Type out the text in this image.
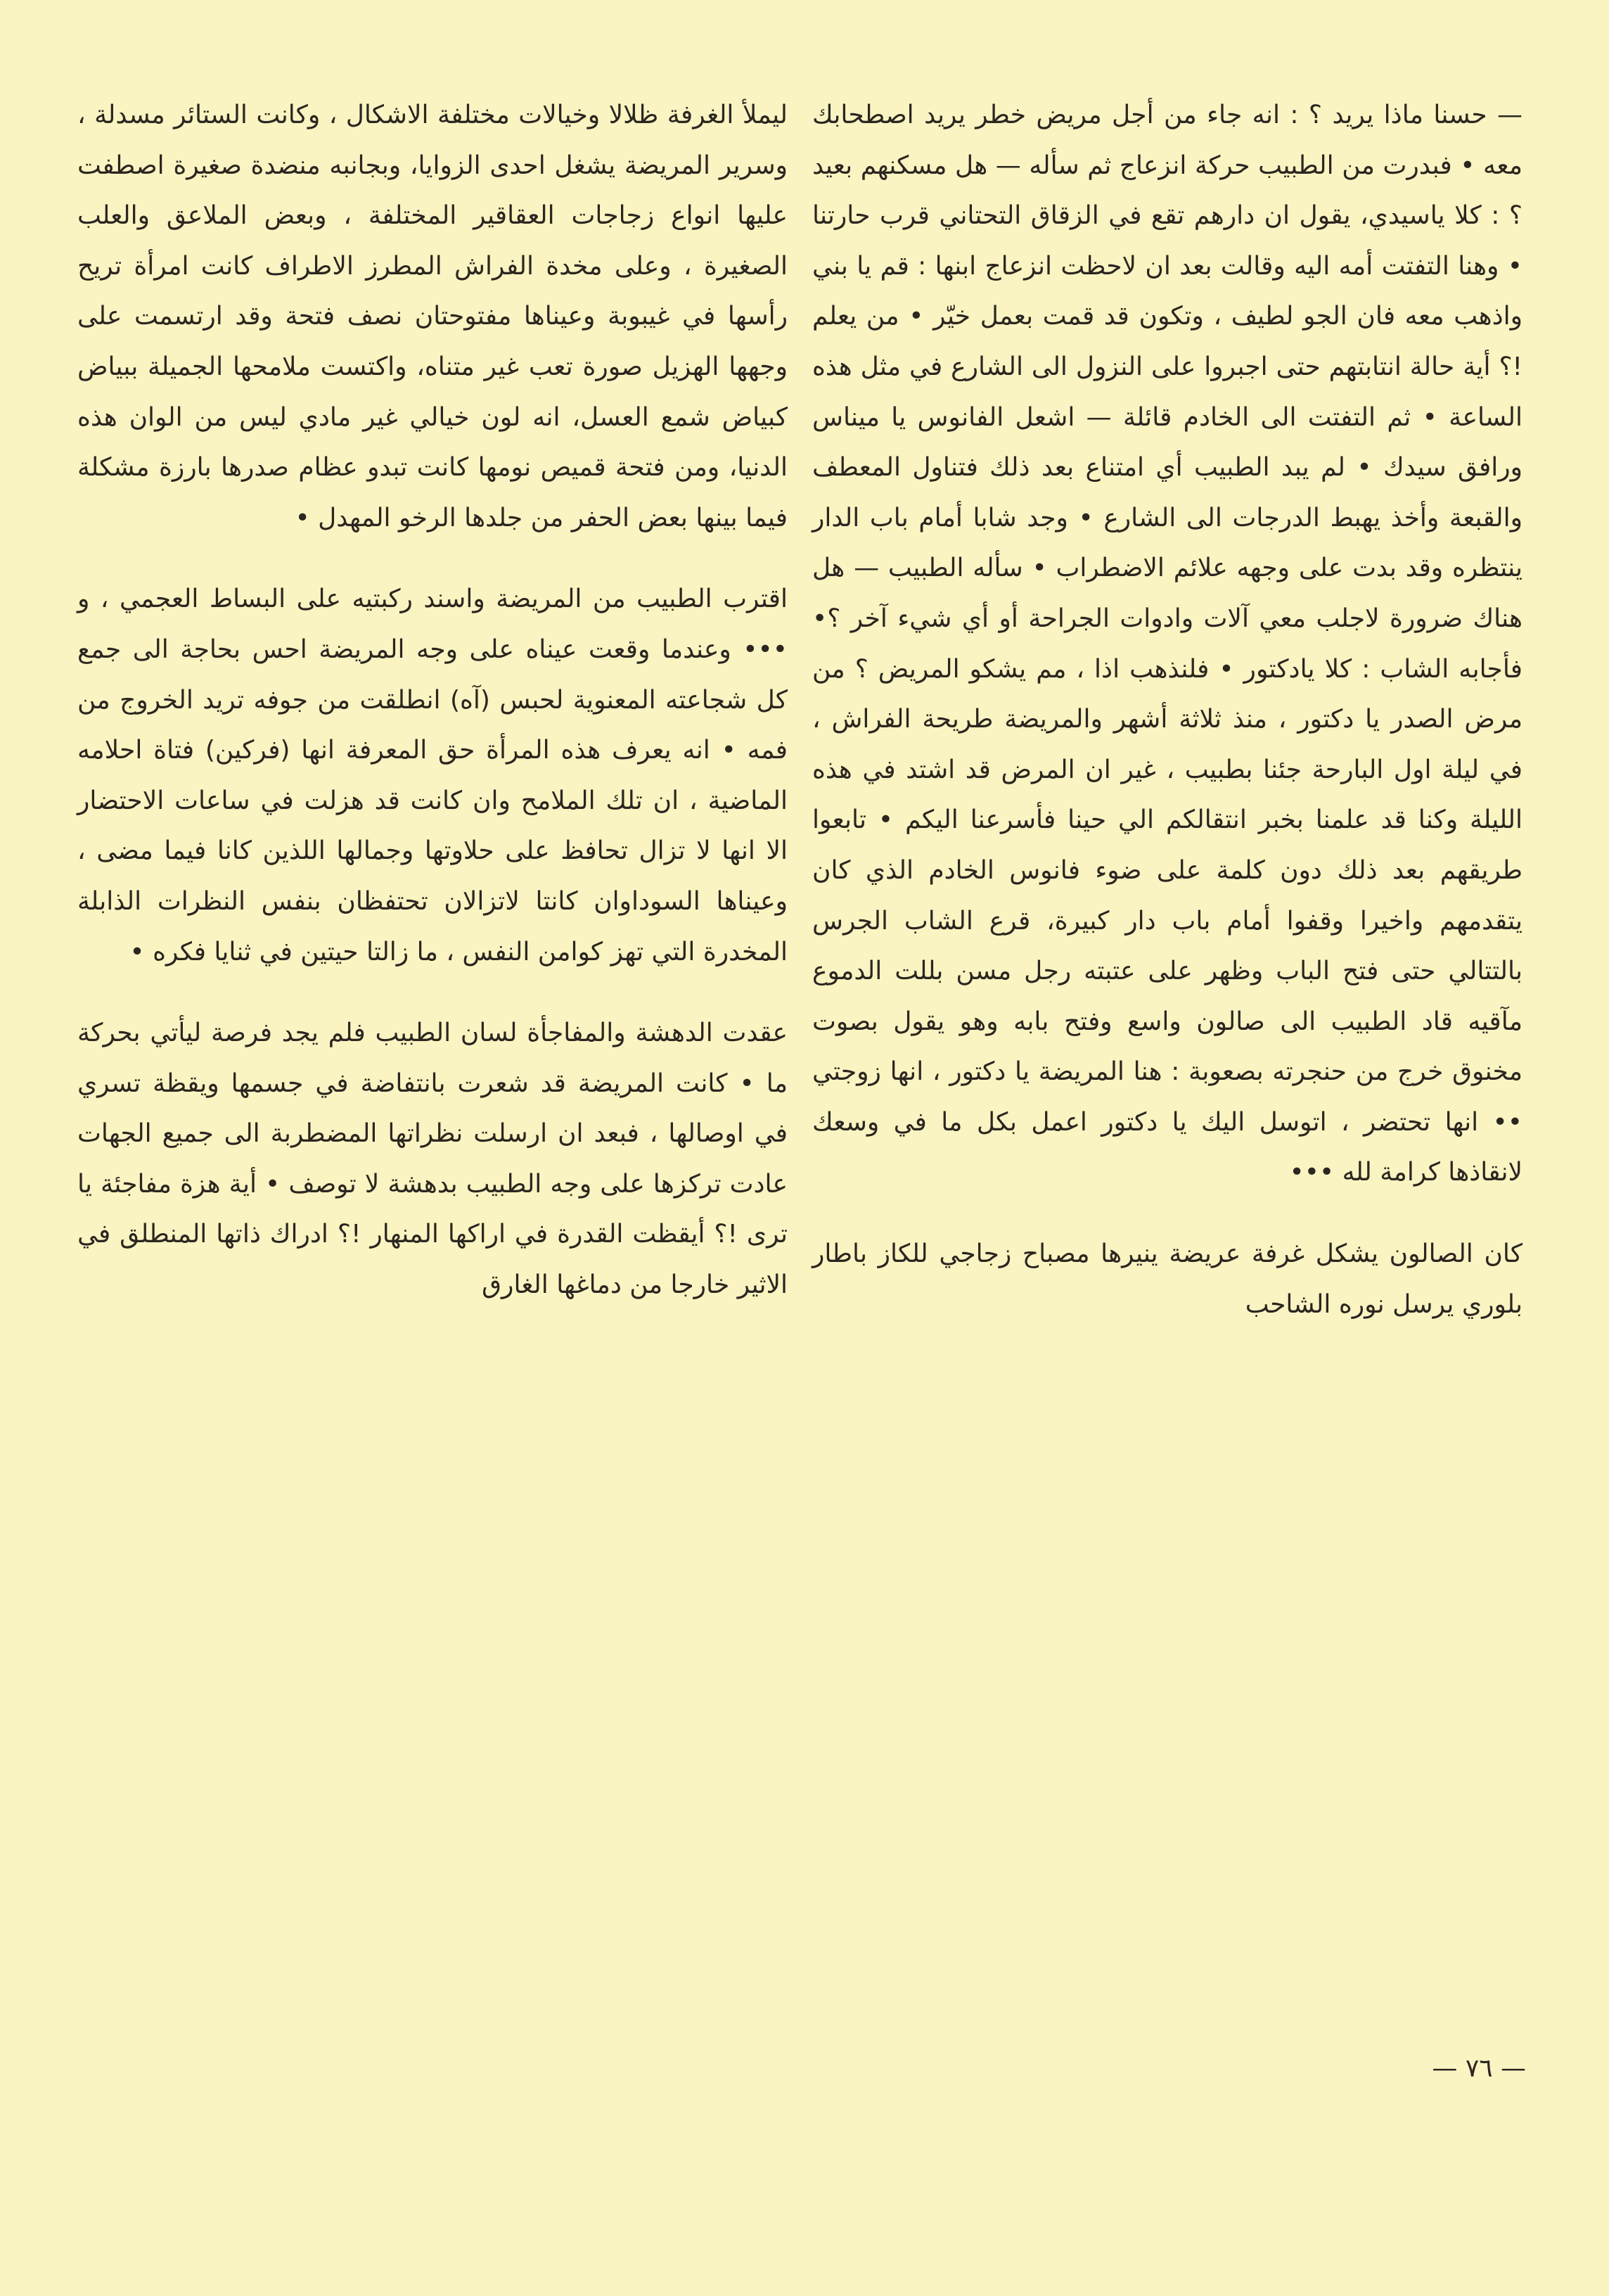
— حسنا ماذا يريد ؟ : انه جاء من أجل مريض خطر يريد اصطحابك معه • فبدرت من الطبيب حركة انزعاج ثم سأله — هل مسكنهم بعيد ؟ : كلا ياسيدي، يقول ان دارهم تقع في الزقاق التحتاني قرب حارتنا • وهنا التفتت أمه اليه وقالت بعد ان لاحظت انزعاج ابنها : قم يا بني واذهب معه فان الجو لطيف ، وتكون قد قمت بعمل خيّر • من يعلم !؟ أية حالة انتابتهم حتى اجبروا على النزول الى الشارع في مثل هذه الساعة • ثم التفتت الى الخادم قائلة — اشعل الفانوس يا ميناس ورافق سيدك • لم يبد الطبيب أي امتناع بعد ذلك فتناول المعطف والقبعة وأخذ يهبط الدرجات الى الشارع • وجد شابا أمام باب الدار ينتظره وقد بدت على وجهه علائم الاضطراب • سأله الطبيب — هل هناك ضرورة لاجلب معي آلات وادوات الجراحة أو أي شيء آخر ؟• فأجابه الشاب : كلا يادكتور • فلنذهب اذا ، مم يشكو المريض ؟ من مرض الصدر يا دكتور ، منذ ثلاثة أشهر والمريضة طريحة الفراش ، في ليلة اول البارحة جئنا بطبيب ، غير ان المرض قد اشتد في هذه الليلة وكنا قد علمنا بخبر انتقالكم الي حينا فأسرعنا اليكم • تابعوا طريقهم بعد ذلك دون كلمة على ضوء فانوس الخادم الذي كان يتقدمهم واخيرا وقفوا أمام باب دار كبيرة، قرع الشاب الجرس بالتتالي حتى فتح الباب وظهر على عتبته رجل مسن بللت الدموع مآقيه قاد الطبيب الى صالون واسع وفتح بابه وهو يقول بصوت مخنوق خرج من حنجرته بصعوبة : هنا المريضة يا دكتور ، انها زوجتي •• انها تحتضر ، اتوسل اليك يا دكتور اعمل بكل ما في وسعك لانقاذها كرامة لله •••

كان الصالون يشكل غرفة عريضة ينيرها مصباح زجاجي للكاز باطار بلوري يرسل نوره الشاحب

ليملأ الغرفة ظلالا وخيالات مختلفة الاشكال ، وكانت الستائر مسدلة ، وسرير المريضة يشغل احدى الزوايا، وبجانبه منضدة صغيرة اصطفت عليها انواع زجاجات العقاقير المختلفة ، وبعض الملاعق والعلب الصغيرة ، وعلى مخدة الفراش المطرز الاطراف كانت امرأة تريح رأسها في غيبوبة وعيناها مفتوحتان نصف فتحة وقد ارتسمت على وجهها الهزيل صورة تعب غير متناه، واكتست ملامحها الجميلة ببياض كبياض شمع العسل، انه لون خيالي غير مادي ليس من الوان هذه الدنيا، ومن فتحة قميص نومها كانت تبدو عظام صدرها بارزة مشكلة فيما بينها بعض الحفر من جلدها الرخو المهدل •

اقترب الطبيب من المريضة واسند ركبتيه على البساط العجمي ، و ••• وعندما وقعت عيناه على وجه المريضة احس بحاجة الى جمع كل شجاعته المعنوية لحبس (آه) انطلقت من جوفه تريد الخروج من فمه • انه يعرف هذه المرأة حق المعرفة انها (فركين) فتاة احلامه الماضية ، ان تلك الملامح وان كانت قد هزلت في ساعات الاحتضار الا انها لا تزال تحافظ على حلاوتها وجمالها اللذين كانا فيما مضى ، وعيناها السوداوان كانتا لاتزالان تحتفظان بنفس النظرات الذابلة المخدرة التي تهز كوامن النفس ، ما زالتا حيتين في ثنايا فكره •

عقدت الدهشة والمفاجأة لسان الطبيب فلم يجد فرصة ليأتي بحركة ما • كانت المريضة قد شعرت بانتفاضة في جسمها ويقظة تسري في اوصالها ، فبعد ان ارسلت نظراتها المضطربة الى جميع الجهات عادت تركزها على وجه الطبيب بدهشة لا توصف • أية هزة مفاجئة يا ترى !؟ أيقظت القدرة في اراكها المنهار !؟ ادراك ذاتها المنطلق في الاثير خارجا من دماغها الغارق

— ٧٦ —
